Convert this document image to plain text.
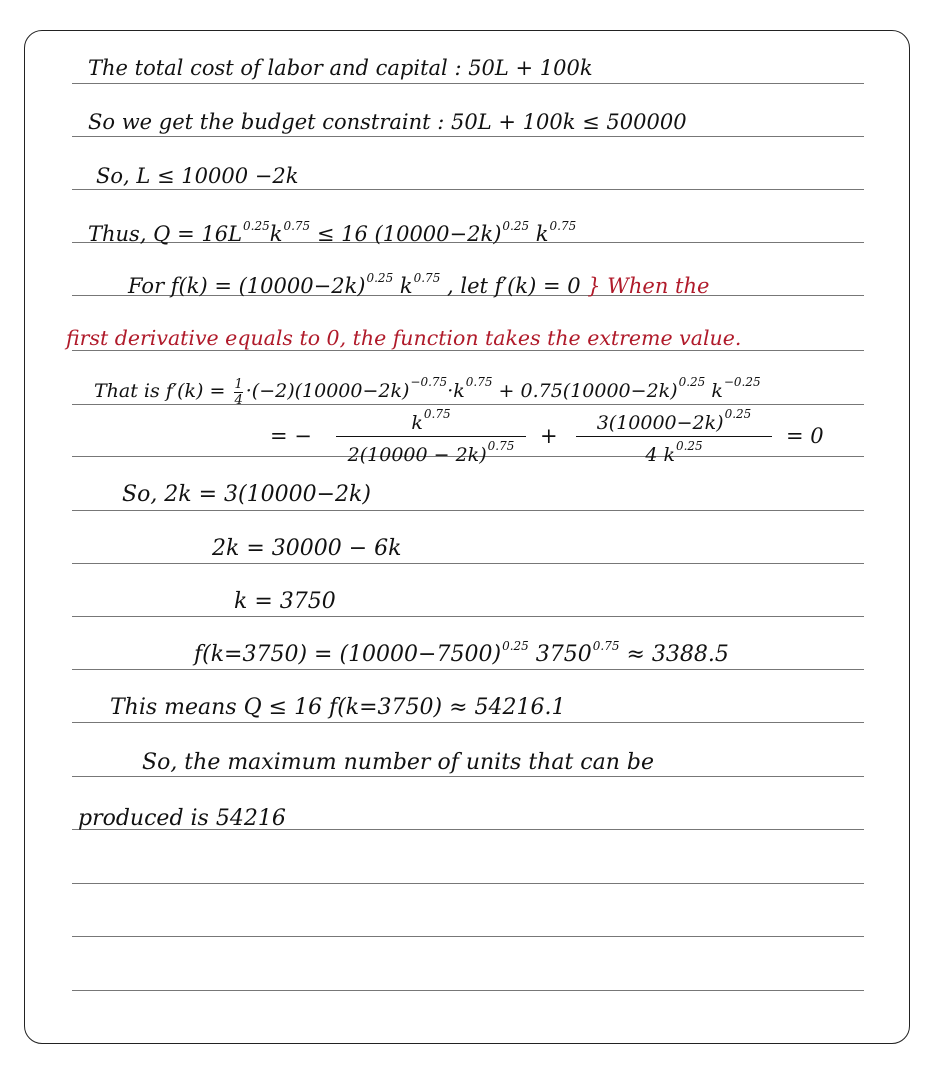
The total cost of labor and capital : 50L + 100k
So we get the budget constraint : 50L + 100k ≤ 500000
So, L ≤ 10000 −2k
Thus, $Q = 16L^{0.25}k^{0.75} \le 16$ $(10000-2k)^{0.25}$ $k^{0.75}$
For $f(k) = (10000-2k)^{0.25}$ $k^{0.75}$ , let f′(k) = 0 } When the
first derivative equals to 0, the function takes the extreme value.
That is $f'(k) = \frac{1}{4} \cdot(-2)(10000-2k)^{-0.75}\cdot k^{0.75} + 0.75(10000-2k)^{0.25}$ $k^{-0.25}$
= −
$k^{0.75}$
$2(10000 - 2k)^{0.75}$	+
$3(10000-2k)^{0.25}$
4 $k^{0.25}$	= 0
So, 2k = 3(10000−2k)
2k = 30000 − 6k
k = 3750
$f(k=3750) = (10000-7500)^{0.25}$ $3750^{0.75} \approx 3388.5$
This means Q ≤ 16 f(k=3750) ≈ 54216.1
So, the maximum number of units that can be
produced is 54216
